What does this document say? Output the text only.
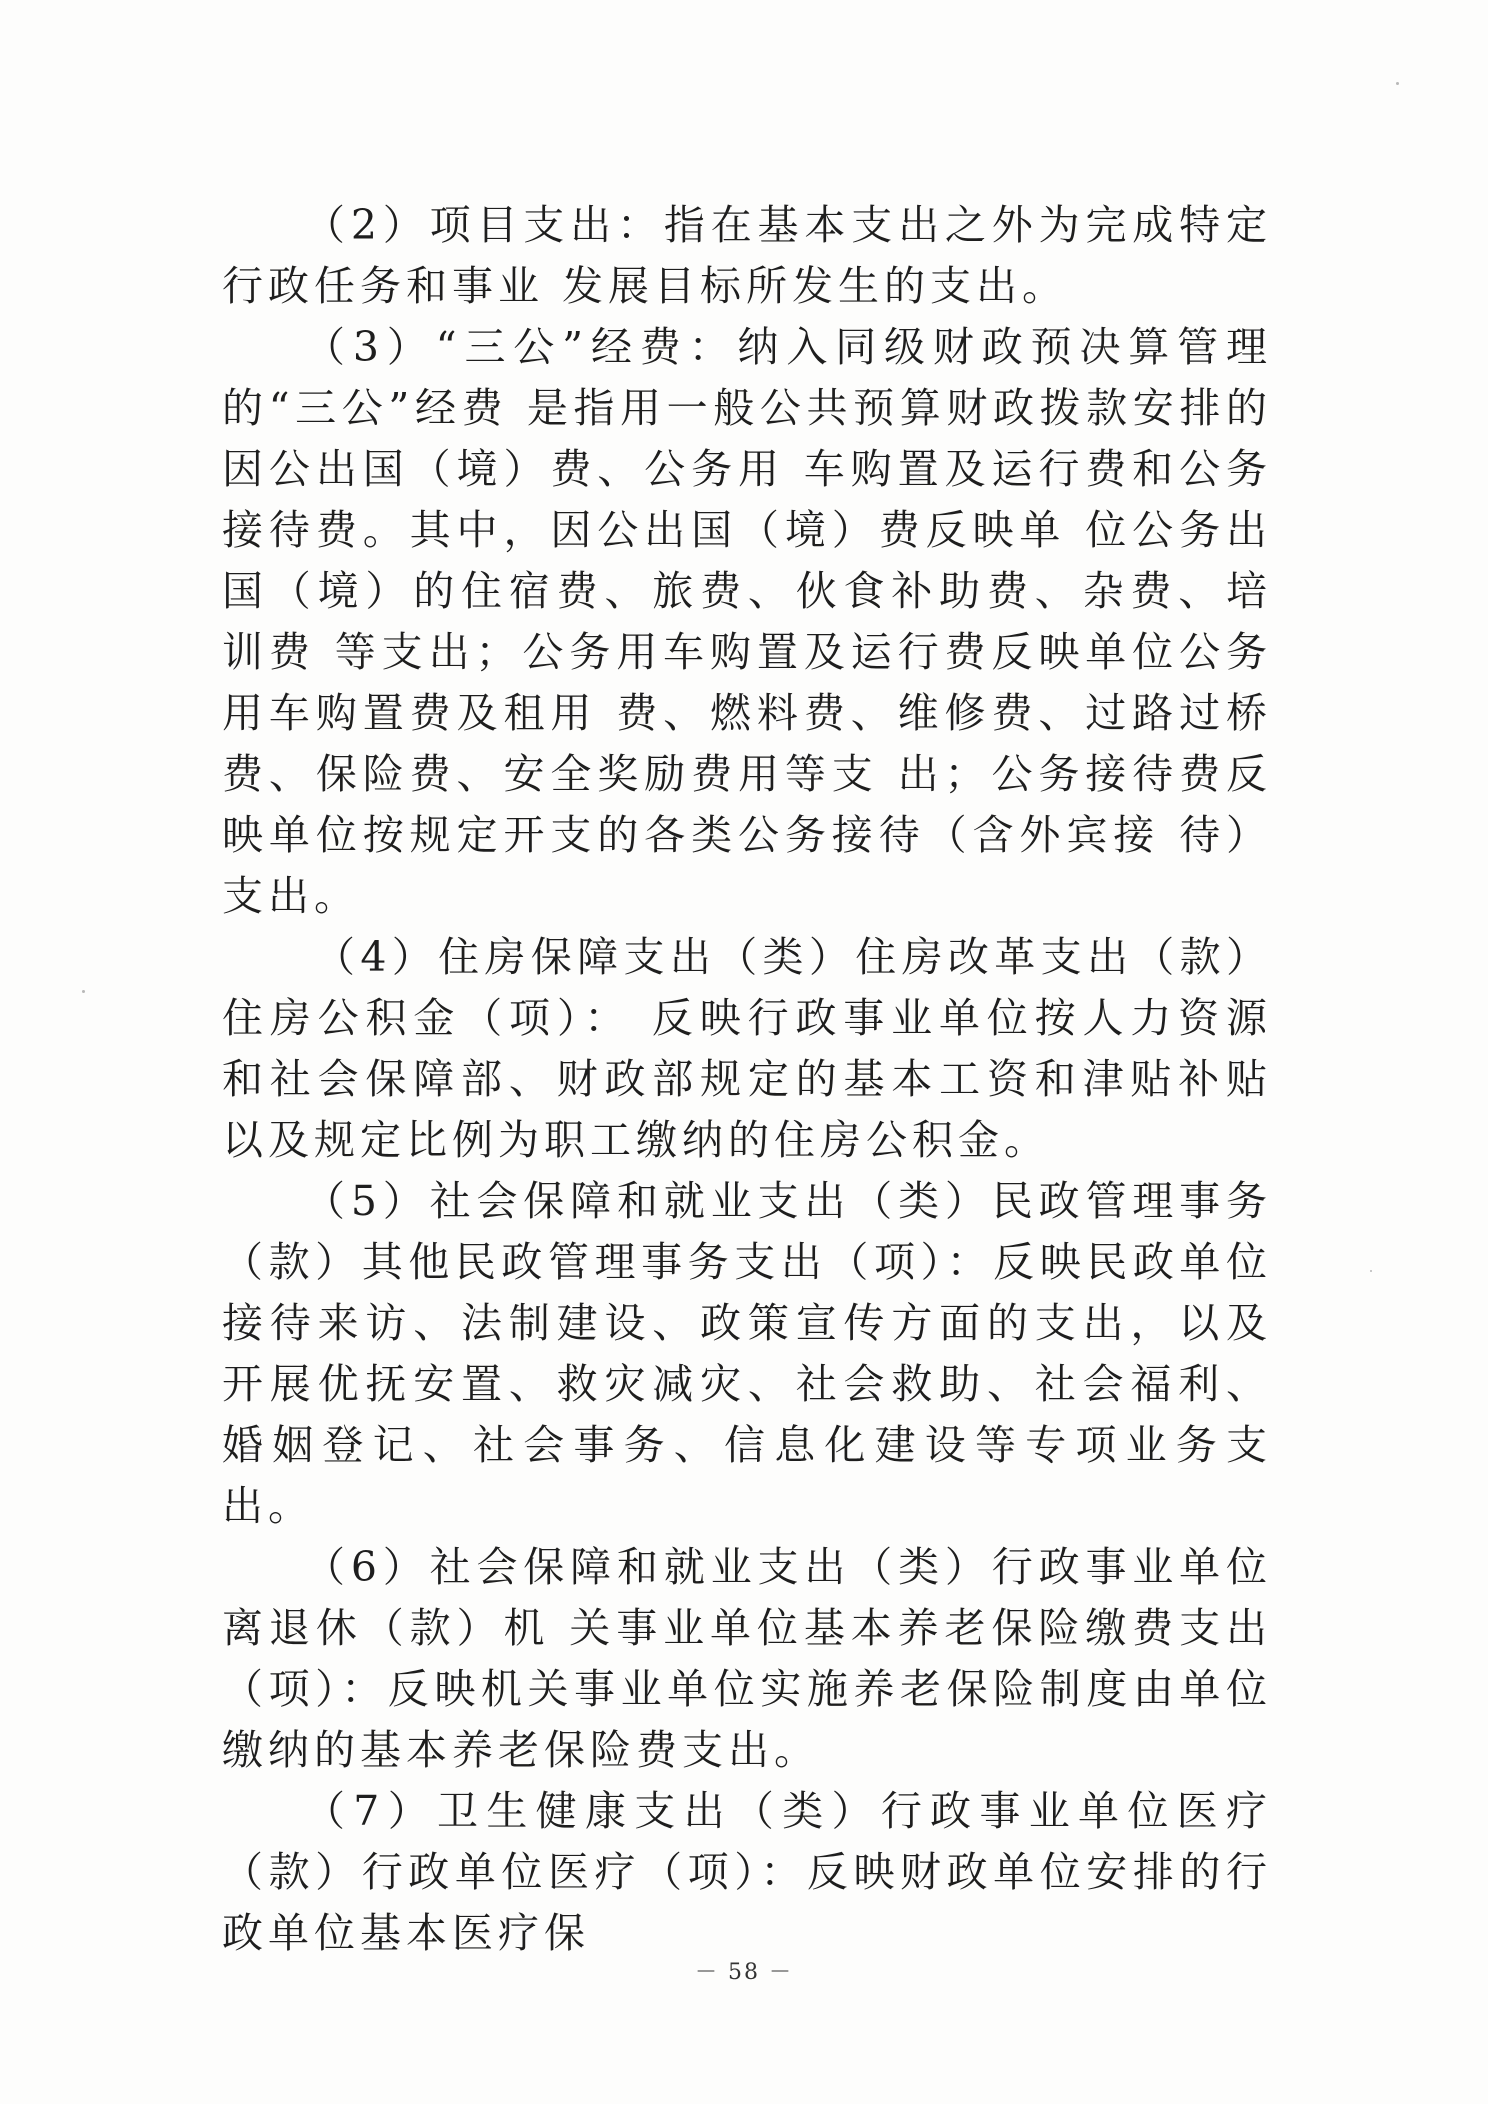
（2）项目支出：指在基本支出之外为完成特定行政任务和事业 发展目标所发生的支出。

（3）“三公”经费：纳入同级财政预决算管理的“三公”经费 是指用一般公共预算财政拨款安排的因公出国（境）费、公务用 车购置及运行费和公务接待费。其中，因公出国（境）费反映单 位公务出国（境）的住宿费、旅费、伙食补助费、杂费、培训费 等支出；公务用车购置及运行费反映单位公务用车购置费及租用 费、燃料费、维修费、过路过桥费、保险费、安全奖励费用等支 出；公务接待费反映单位按规定开支的各类公务接待（含外宾接 待）支出。

（4）住房保障支出（类）住房改革支出（款）住房公积金（项）： 反映行政事业单位按人力资源和社会保障部、财政部规定的基本工资和津贴补贴以及规定比例为职工缴纳的住房公积金。

（5）社会保障和就业支出（类）民政管理事务（款）其他民政管理事务支出（项）：反映民政单位接待来访、法制建设、政策宣传方面的支出，以及开展优抚安置、救灾减灾、社会救助、社会福利、婚姻登记、社会事务、信息化建设等专项业务支出。

（6）社会保障和就业支出（类）行政事业单位离退休（款）机 关事业单位基本养老保险缴费支出（项）：反映机关事业单位实施养老保险制度由单位缴纳的基本养老保险费支出。

（7）卫生健康支出（类）行政事业单位医疗（款）行政单位医疗（项）：反映财政单位安排的行政单位基本医疗保

－ 58 －
